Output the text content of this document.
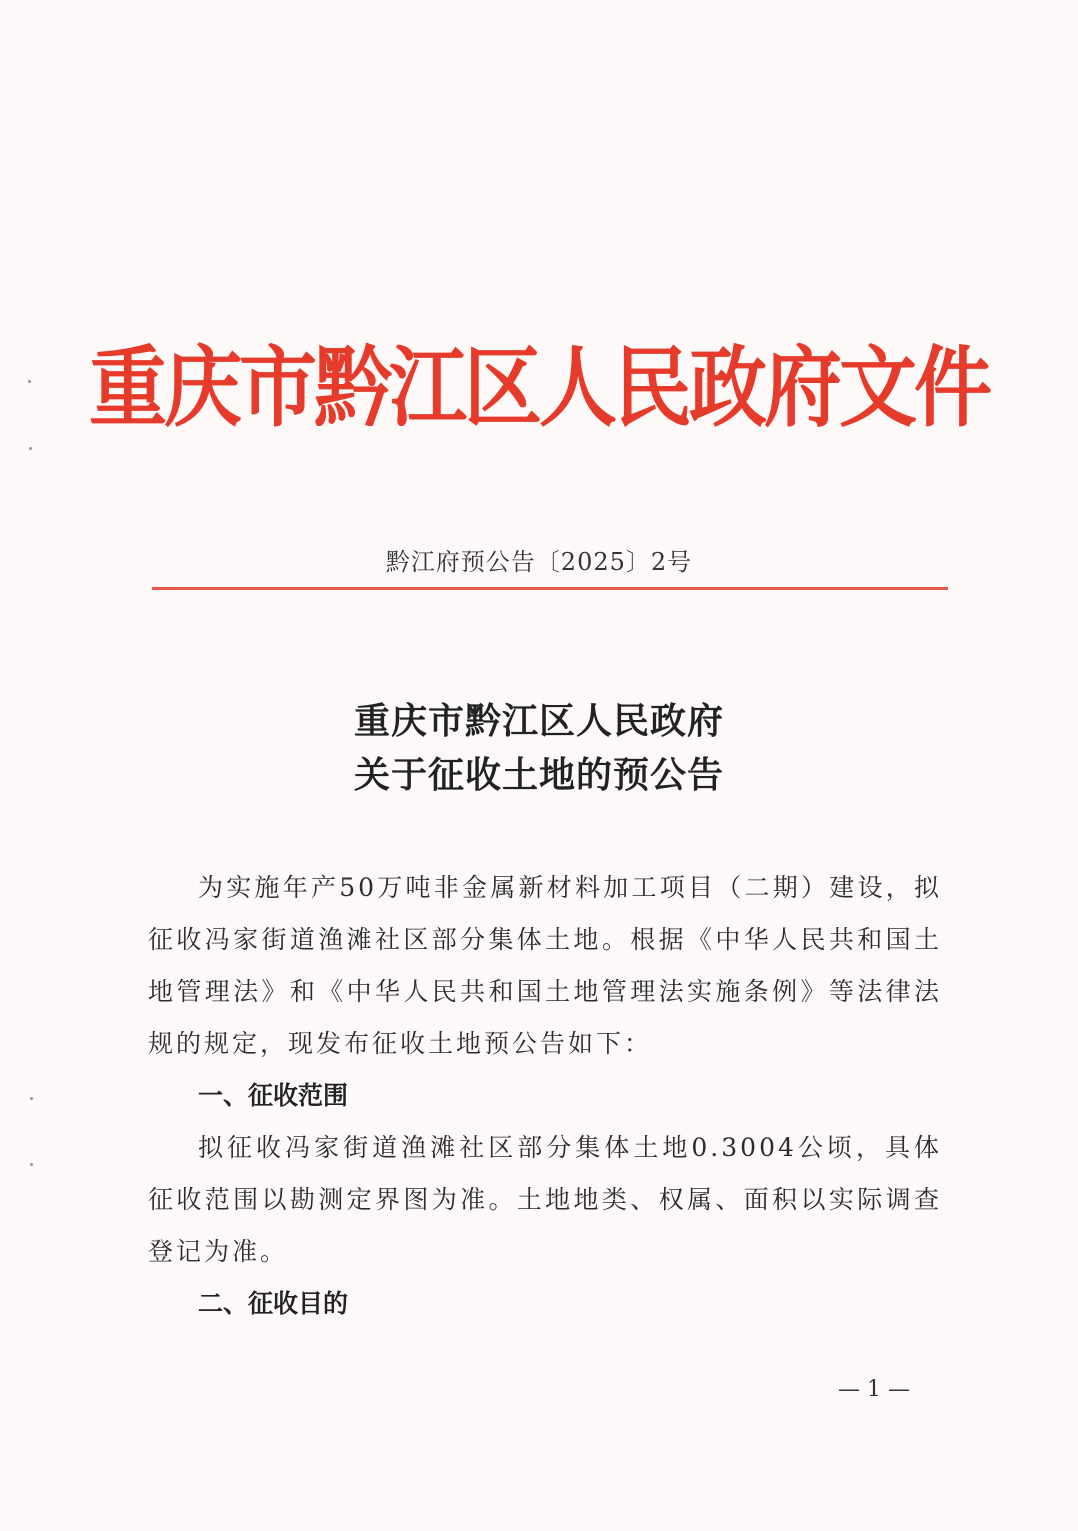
重庆市黔江区人民政府文件
黔江府预公告〔2025〕2号
重庆市黔江区人民政府
关于征收土地的预公告

为实施年产50万吨非金属新材料加工项目（二期）建设，拟征收冯家街道渔滩社区部分集体土地。根据《中华人民共和国土地管理法》和《中华人民共和国土地管理法实施条例》等法律法规的规定，现发布征收土地预公告如下：

一、征收范围

拟征收冯家街道渔滩社区部分集体土地0.3004公顷，具体征收范围以勘测定界图为准。土地地类、权属、面积以实际调查登记为准。

二、征收目的
— 1 —
